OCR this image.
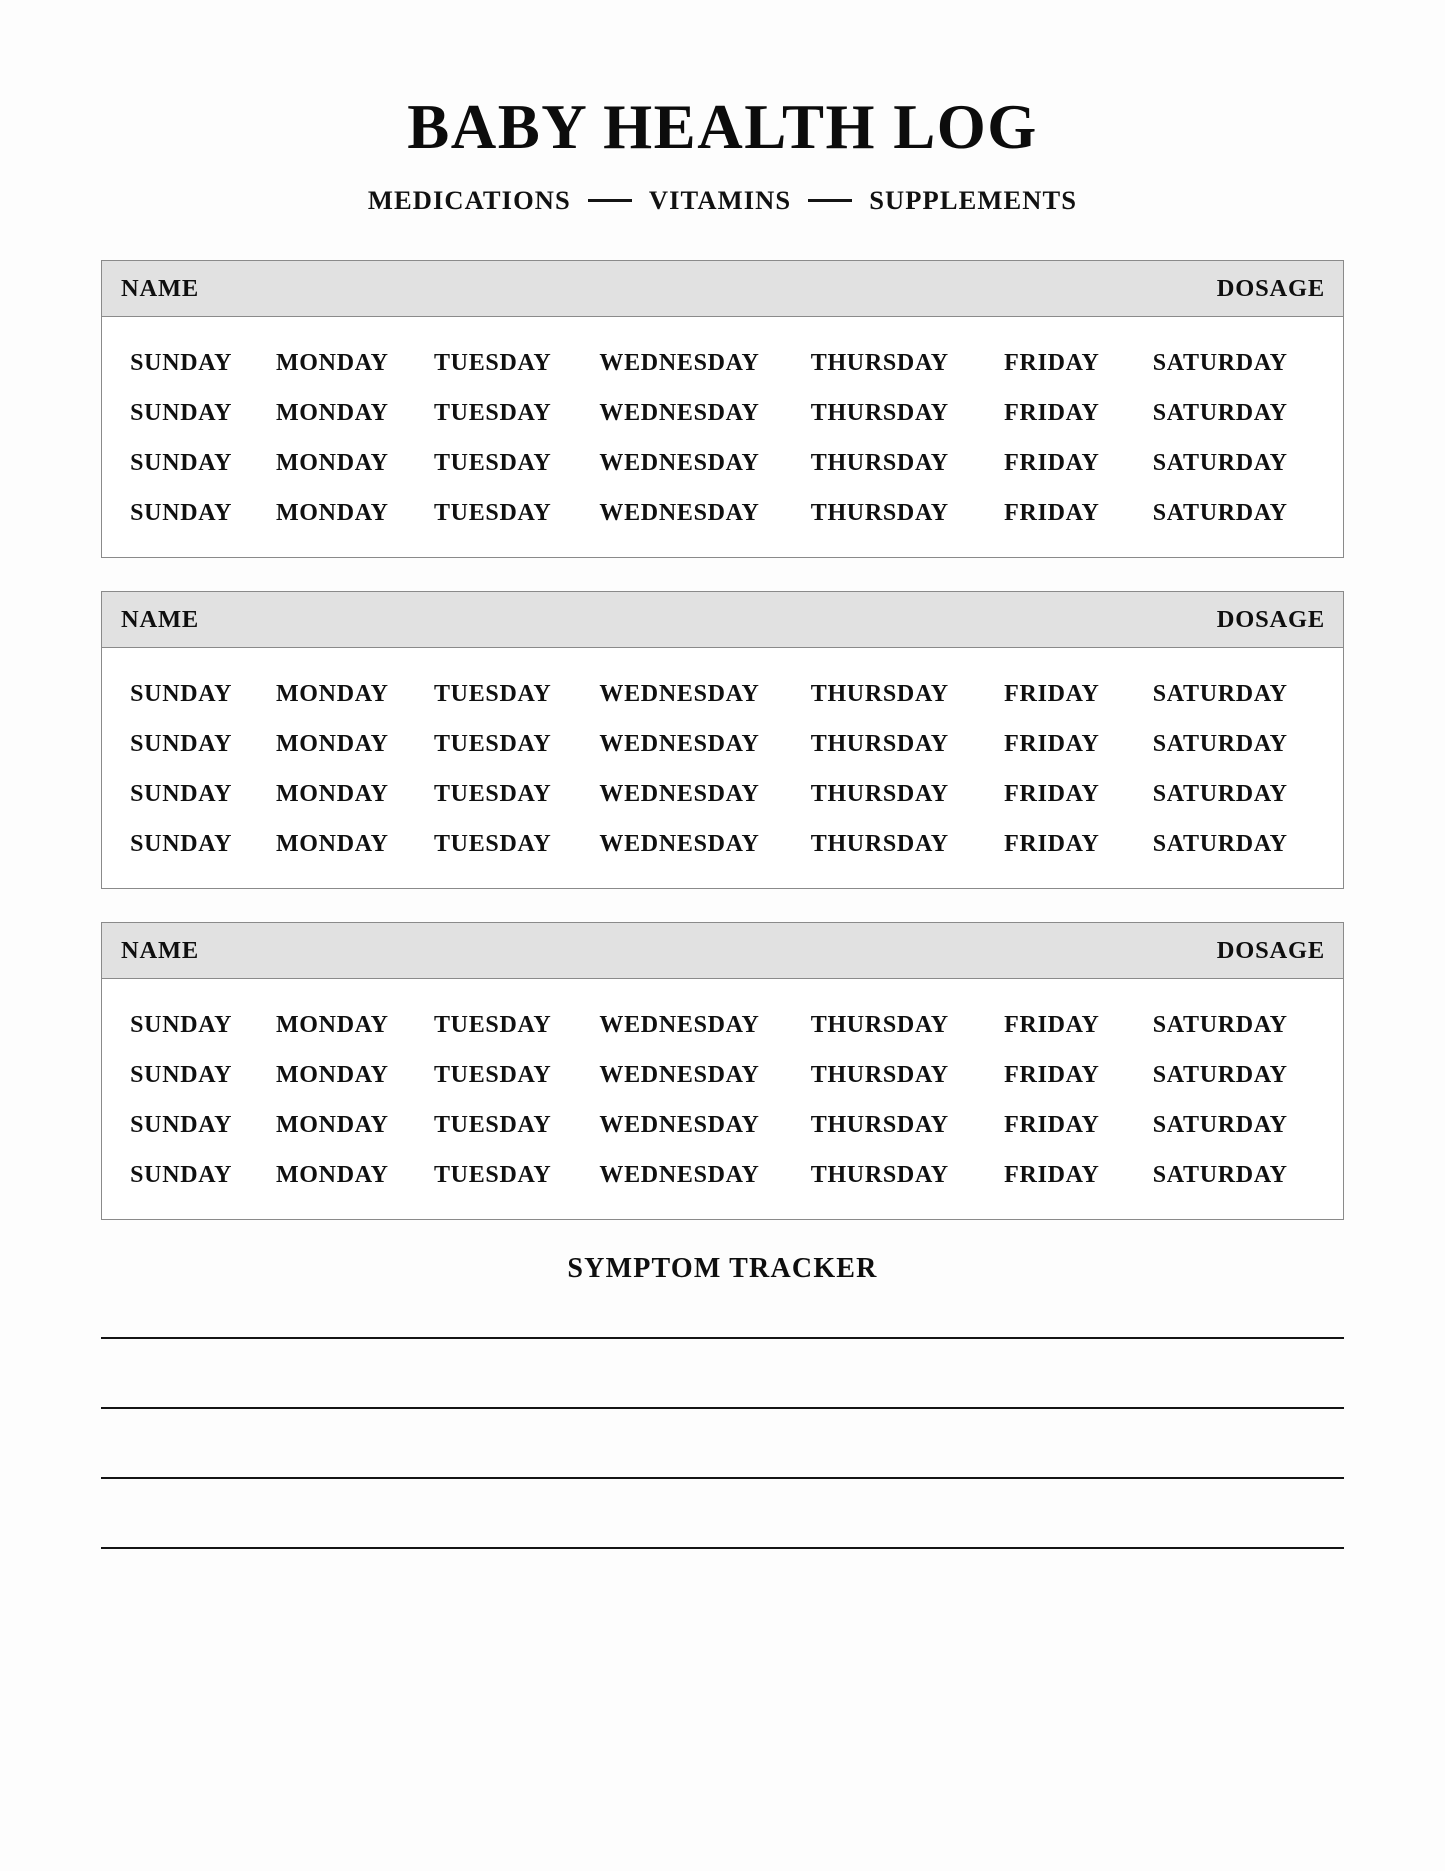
BABY HEALTH LOG
MEDICATIONS	VITAMINS	SUPPLEMENTS
NAME	DOSAGE
SUNDAY	MONDAY	TUESDAY	WEDNESDAY	THURSDAY	FRIDAY	SATURDAY
SUNDAY	MONDAY	TUESDAY	WEDNESDAY	THURSDAY	FRIDAY	SATURDAY
SUNDAY	MONDAY	TUESDAY	WEDNESDAY	THURSDAY	FRIDAY	SATURDAY
SUNDAY	MONDAY	TUESDAY	WEDNESDAY	THURSDAY	FRIDAY	SATURDAY
NAME	DOSAGE
SUNDAY	MONDAY	TUESDAY	WEDNESDAY	THURSDAY	FRIDAY	SATURDAY
SUNDAY	MONDAY	TUESDAY	WEDNESDAY	THURSDAY	FRIDAY	SATURDAY
SUNDAY	MONDAY	TUESDAY	WEDNESDAY	THURSDAY	FRIDAY	SATURDAY
SUNDAY	MONDAY	TUESDAY	WEDNESDAY	THURSDAY	FRIDAY	SATURDAY
NAME	DOSAGE
SUNDAY	MONDAY	TUESDAY	WEDNESDAY	THURSDAY	FRIDAY	SATURDAY
SUNDAY	MONDAY	TUESDAY	WEDNESDAY	THURSDAY	FRIDAY	SATURDAY
SUNDAY	MONDAY	TUESDAY	WEDNESDAY	THURSDAY	FRIDAY	SATURDAY
SUNDAY	MONDAY	TUESDAY	WEDNESDAY	THURSDAY	FRIDAY	SATURDAY
SYMPTOM TRACKER
